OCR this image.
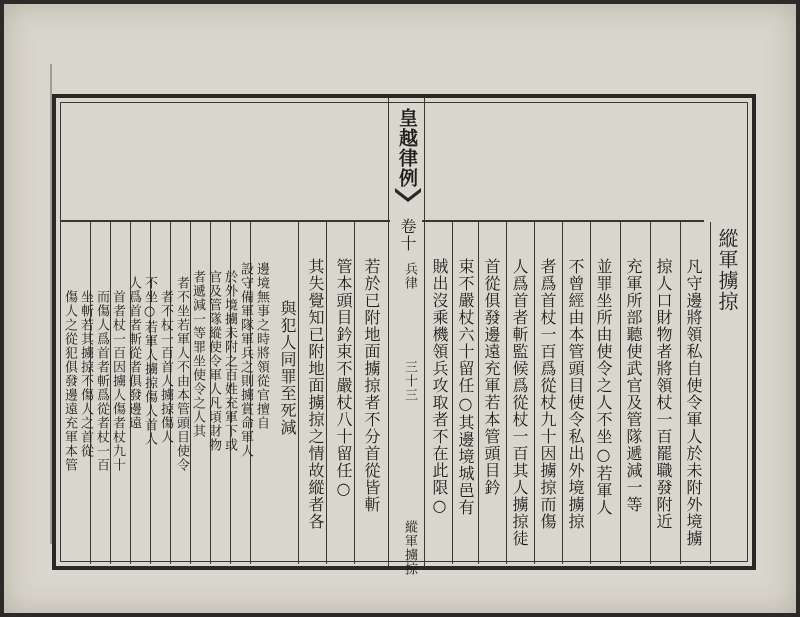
皇越律例
卷十
兵律
三十三
縱軍擄掠
縱軍擄掠
凡守邊將領私自使令軍人於未附外境擄
掠人口財物者將領杖一百罷職發附近
充軍所部聽使武官及管隊遞減一等
並罪坐所由使令之人不坐○若軍人
不曾經由本管頭目使令私出外境擄掠
者爲首杖一百爲從杖九十因擄掠而傷
人爲首者斬監候爲從杖一百其人擄掠徒
首從俱發邊遠充軍若本管頭目鈐
束不嚴杖六十留任○其邊境城邑有
賊出沒乘機領兵攻取者不在此限○
若於已附地面擄掠者不分首從皆斬
管本頭目鈐束不嚴杖八十留任○
其失覺知已附地面擄掠之情故縱者各
與犯人同罪至死減
邊境無事之時將領從官擅自
設守備軍隊軍兵之則擄賞命軍人
於外境擄未附之百姓充軍下或
官及管隊縱使令軍人凡頃財物
者遞減一等罪坐使令之人其
者不坐若軍人不由本管頭目使令
者不杖一百首人擄掠傷人
不坐○若軍人擄掠傷人首人
人爲首者斬從者俱發邊遠
首者杖一百因擄人傷者杖九十
而傷人爲首者斬爲從者杖一百
坐斬若其擄掠不傷人之首從
傷人之從犯俱發邊遠充軍本管
